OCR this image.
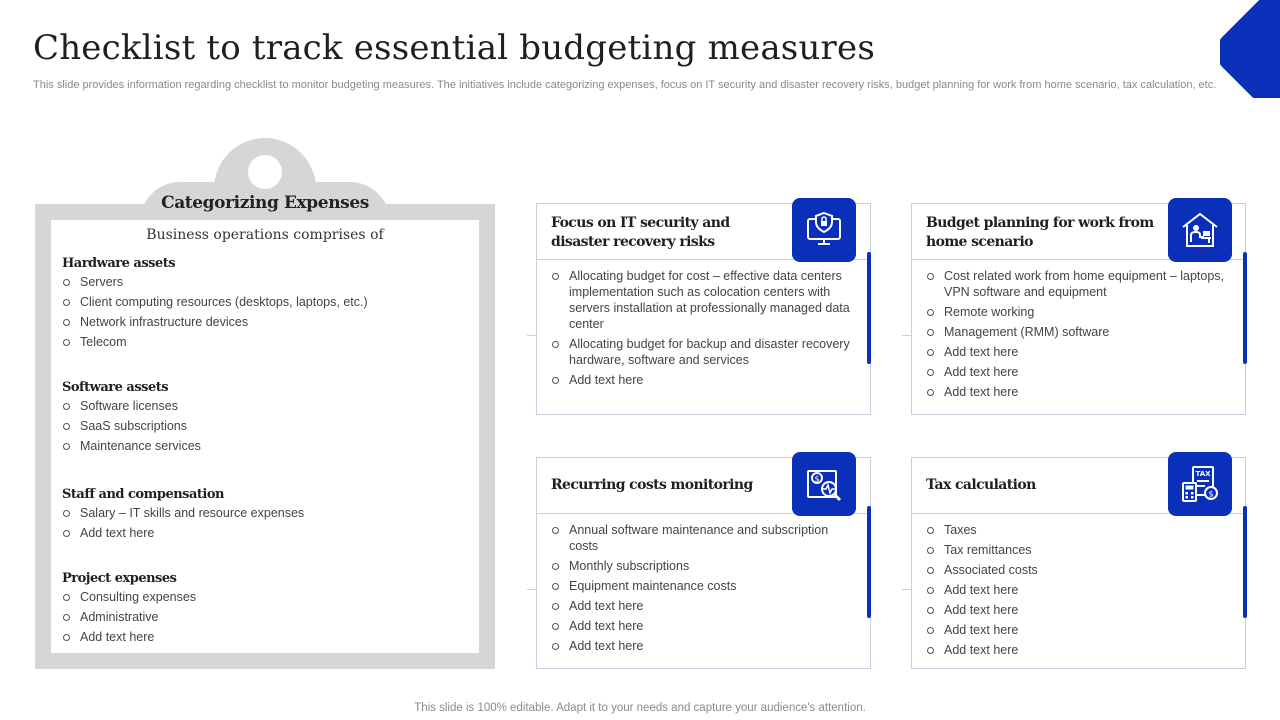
Checklist to track essential budgeting measures
This slide provides information regarding checklist to monitor budgeting measures. The initiatives include categorizing expenses, focus on IT security and disaster recovery risks, budget planning for work from home scenario, tax calculation, etc.
Categorizing Expenses
Business operations comprises of
Hardware assets
Servers
Client computing resources (desktops, laptops, etc.)
Network infrastructure devices
Telecom
Software assets
Software licenses
SaaS subscriptions
Maintenance services
Staff and compensation
Salary – IT skills and resource expenses
Add text here
Project expenses
Consulting expenses
Administrative
Add text here
Focus on IT security and disaster recovery risks
Allocating budget for cost – effective data centers implementation such as colocation centers with servers installation at professionally managed data center
Allocating budget for backup and disaster recovery hardware, software and services
Add text here
Budget planning for work from home scenario
Cost related work from home equipment – laptops, VPN software and equipment
Remote working
Management (RMM) software
Add text here
Add text here
Add text here
Recurring costs monitoring
Annual software maintenance and subscription costs
Monthly subscriptions
Equipment maintenance costs
Add text here
Add text here
Add text here
$	Tax calculation
Taxes
Tax remittances
Associated costs
Add text here
Add text here
Add text here
Add text here
TAX
$
This slide is 100% editable. Adapt it to your needs and capture your audience's attention.
